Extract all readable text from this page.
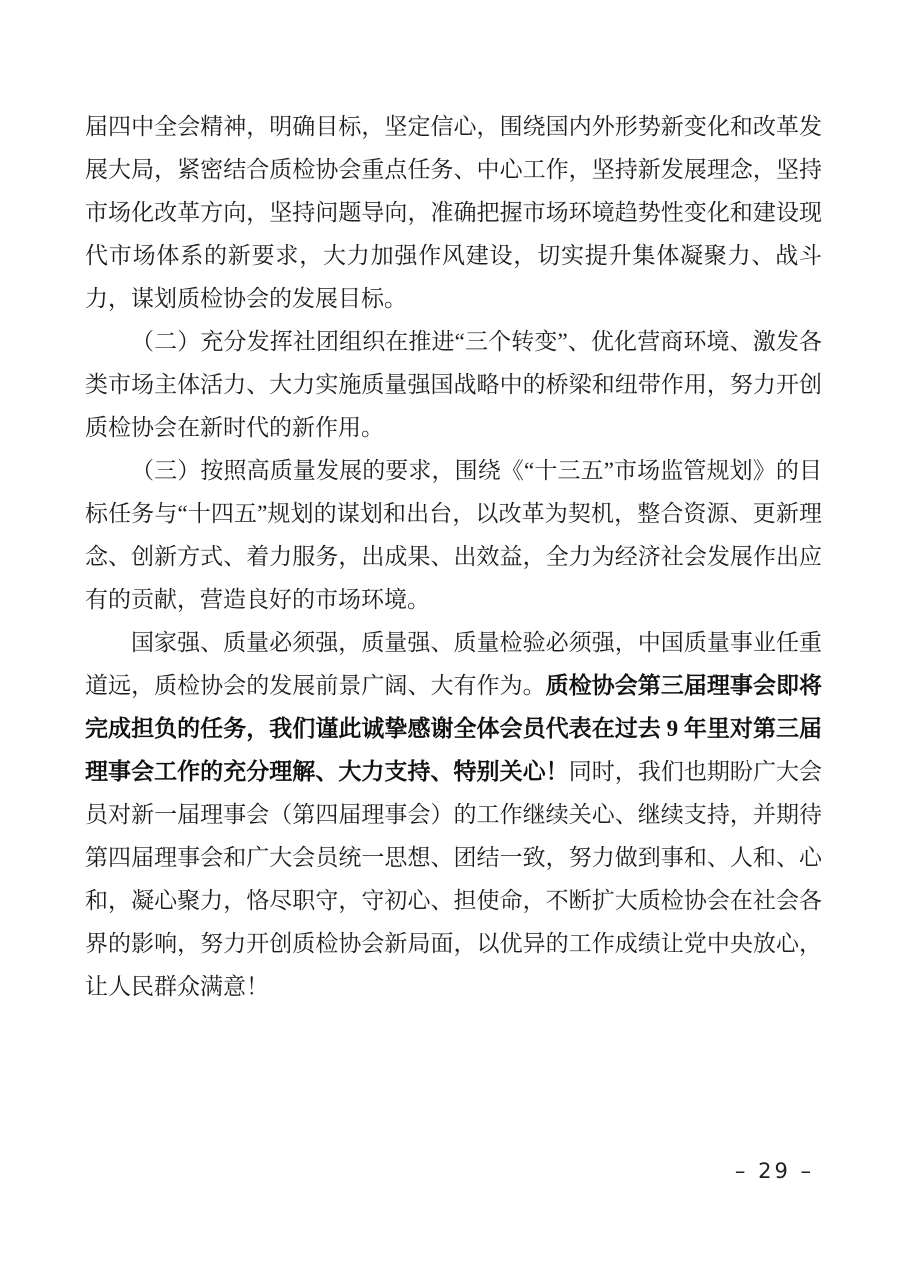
届四中全会精神，明确目标，坚定信心，围绕国内外形势新变化和改革发展大局，紧密结合质检协会重点任务、中心工作，坚持新发展理念，坚持市场化改革方向，坚持问题导向，准确把握市场环境趋势性变化和建设现代市场体系的新要求，大力加强作风建设，切实提升集体凝聚力、战斗力，谋划质检协会的发展目标。

（二）充分发挥社团组织在推进“三个转变”、优化营商环境、激发各类市场主体活力、大力实施质量强国战略中的桥梁和纽带作用，努力开创质检协会在新时代的新作用。

（三）按照高质量发展的要求，围绕《“十三五”市场监管规划》的目标任务与“十四五”规划的谋划和出台，以改革为契机，整合资源、更新理念、创新方式、着力服务，出成果、出效益，全力为经济社会发展作出应有的贡献，营造良好的市场环境。

国家强、质量必须强，质量强、质量检验必须强，中国质量事业任重道远，质检协会的发展前景广阔、大有作为。质检协会第三届理事会即将完成担负的任务，我们谨此诚挚感谢全体会员代表在过去 9 年里对第三届理事会工作的充分理解、大力支持、特别关心！同时，我们也期盼广大会员对新一届理事会（第四届理事会）的工作继续关心、继续支持，并期待第四届理事会和广大会员统一思想、团结一致，努力做到事和、人和、心和，凝心聚力，恪尽职守，守初心、担使命，不断扩大质检协会在社会各界的影响，努力开创质检协会新局面，以优异的工作成绩让党中央放心，让人民群众满意！

– 29 –
